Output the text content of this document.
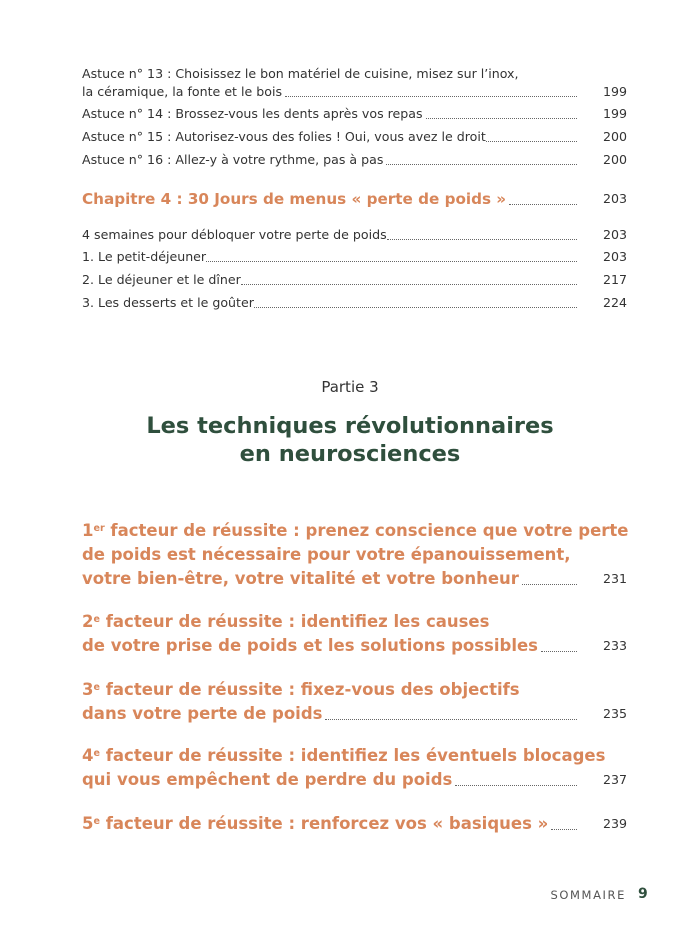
Astuce n° 13 : Choisissez le bon matériel de cuisine, misez sur l’inox,
la céramique, la fonte et le bois	199
Astuce n° 14 : Brossez-vous les dents après vos repas	199
Astuce n° 15 : Autorisez-vous des folies ! Oui, vous avez le droit	200
Astuce n° 16 : Allez-y à votre rythme, pas à pas	200
Chapitre 4 : 30 Jours de menus « perte de poids »	203
4 semaines pour débloquer votre perte de poids	203
1. Le petit-déjeuner	203
2. Le déjeuner et le dîner	217
3. Les desserts et le goûter	224
Partie 3
Les techniques révolutionnaires
en neurosciences
1er facteur de réussite : prenez conscience que votre perte
de poids est nécessaire pour votre épanouissement,
votre bien-être, votre vitalité et votre bonheur	231
2e facteur de réussite : identifiez les causes
de votre prise de poids et les solutions possibles	233
3e facteur de réussite : fixez-vous des objectifs
dans votre perte de poids	235
4e facteur de réussite : identifiez les éventuels blocages
qui vous empêchent de perdre du poids	237
5e facteur de réussite : renforcez vos « basiques »	239
SOMMAIRE 9
